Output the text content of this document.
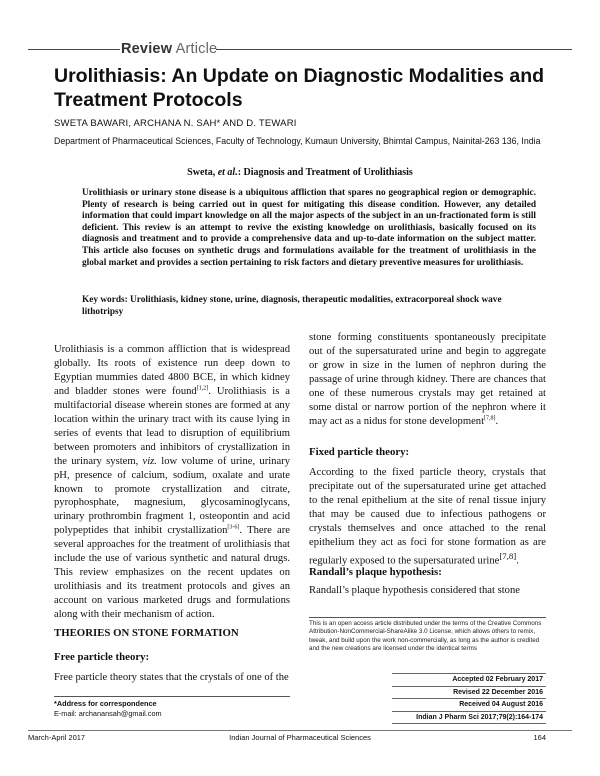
Review Article
Urolithiasis: An Update on Diagnostic Modalities and Treatment Protocols
SWETA BAWARI, ARCHANA N. SAH* AND D. TEWARI
Department of Pharmaceutical Sciences, Faculty of Technology, Kumaun University, Bhimtal Campus, Nainital-263 136, India
Sweta, et al.: Diagnosis and Treatment of Urolithiasis
Urolithiasis or urinary stone disease is a ubiquitous affliction that spares no geographical region or demographic. Plenty of research is being carried out in quest for mitigating this disease condition. However, any detailed information that could impart knowledge on all the major aspects of the subject in an un-fractionated form is still deficient. This review is an attempt to revive the existing knowledge on urolithiasis, basically focused on its diagnosis and treatment and to provide a comprehensive data and up-to-date information on the subject matter. This article also focuses on synthetic drugs and formulations available for the treatment of urolithiasis in the global market and provides a section pertaining to risk factors and dietary preventive measures for urolithiasis.
Key words: Urolithiasis, kidney stone, urine, diagnosis, therapeutic modalities, extracorporeal shock wave lithotripsy
Urolithiasis is a common affliction that is widespread globally. Its roots of existence run deep down to Egyptian mummies dated 4800 BCE, in which kidney and bladder stones were found[1,2]. Urolithiasis is a multifactorial disease wherein stones are formed at any location within the urinary tract with its cause lying in series of events that lead to disruption of equilibrium between promoters and inhibitors of crystallization in the urinary system, viz. low volume of urine, urinary pH, presence of calcium, sodium, oxalate and urate known to promote crystallization and citrate, pyrophosphate, magnesium, glycosaminoglycans, urinary prothrombin fragment 1, osteopontin and acid polypeptides that inhibit crystallization[3-6]. There are several approaches for the treatment of urolithiasis that include the use of various synthetic and natural drugs. This review emphasizes on the recent updates on urolithiasis and its treatment protocols and gives an account on various marketed drugs and formulations along with their mechanism of action.
THEORIES ON STONE FORMATION
Free particle theory:
Free particle theory states that the crystals of one of the
stone forming constituents spontaneously precipitate out of the supersaturated urine and begin to aggregate or grow in size in the lumen of nephron during the passage of urine through kidney. There are chances that one of these numerous crystals may get retained at some distal or narrow portion of the nephron where it may act as a nidus for stone development[7,8].
Fixed particle theory:
According to the fixed particle theory, crystals that precipitate out of the supersaturated urine get attached to the renal epithelium at the site of renal tissue injury that may be caused due to infectious pathogens or crystals themselves and once attached to the renal epithelium they act as foci for stone formation as are regularly exposed to the supersaturated urine[7,8].
Randall’s plaque hypothesis:
Randall’s plaque hypothesis considered that stone
This is an open access article distributed under the terms of the Creative Commons Attribution-NonCommercial-ShareAlike 3.0 License, which allows others to remix, tweak, and build upon the work non-commercially, as long as the author is credited and the new creations are licensed under the identical terms
Accepted 02 February 2017
Revised 22 December 2016
Received 04 August 2016
Indian J Pharm Sci 2017;79(2):164-174
*Address for correspondence
E-mail: archanansah@gmail.com
March-April 2017	Indian Journal of Pharmaceutical Sciences	164
